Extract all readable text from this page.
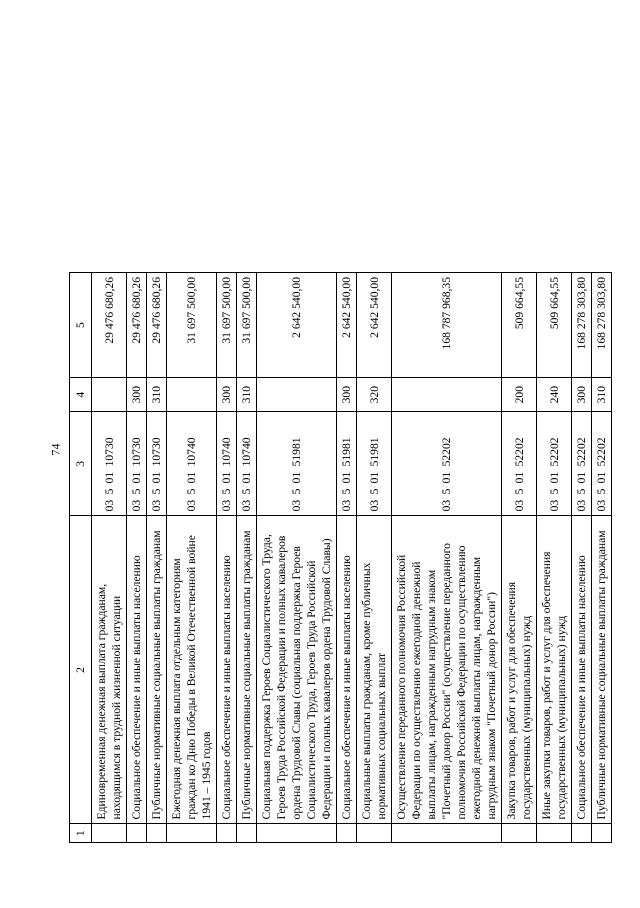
74
1	2	3	4	5
	Единовременная денежная выплата гражданам, находящимся в трудной жизненной ситуации	0350110730		29 476 680,26
	Социальное обеспечение и иные выплаты населению	0350110730	300	29 476 680,26
	Публичные нормативные социальные выплаты гражданам	0350110730	310	29 476 680,26
	Ежегодная денежная выплата отдельным категориям граждан ко Дню Победы в Великой Отечественной войне 1941 – 1945 годов	0350110740		31 697 500,00
	Социальное обеспечение и иные выплаты населению	0350110740	300	31 697 500,00
	Публичные нормативные социальные выплаты гражданам	0350110740	310	31 697 500,00
	Социальная поддержка Героев Социалистического Труда, Героев Труда Российской Федерации и полных кавалеров ордена Трудовой Славы (социальная поддержка Героев Социалистического Труда, Героев Труда Российской Федерации и полных кавалеров ордена Трудовой Славы)	0350151981		2 642 540,00
	Социальное обеспечение и иные выплаты населению	0350151981	300	2 642 540,00
	Социальные выплаты гражданам, кроме публичных нормативных социальных выплат	0350151981	320	2 642 540,00
	Осуществление переданного полномочия Российской Федерации по осуществлению ежегодной денежной выплаты лицам, награжденным нагрудным знаком "Почетный донор России" (осуществление переданного полномочия Российской Федерации по осуществлению ежегодной денежной выплаты лицам, награжденным нагрудным знаком "Почетный донор России")	0350152202		168 787 968,35
	Закупка товаров, работ и услуг для обеспечения государственных (муниципальных) нужд	0350152202	200	509 664,55
	Иные закупки товаров, работ и услуг для обеспечения государственных (муниципальных) нужд	0350152202	240	509 664,55
	Социальное обеспечение и иные выплаты населению	0350152202	300	168 278 303,80
	Публичные нормативные социальные выплаты гражданам	0350152202	310	168 278 303,80
